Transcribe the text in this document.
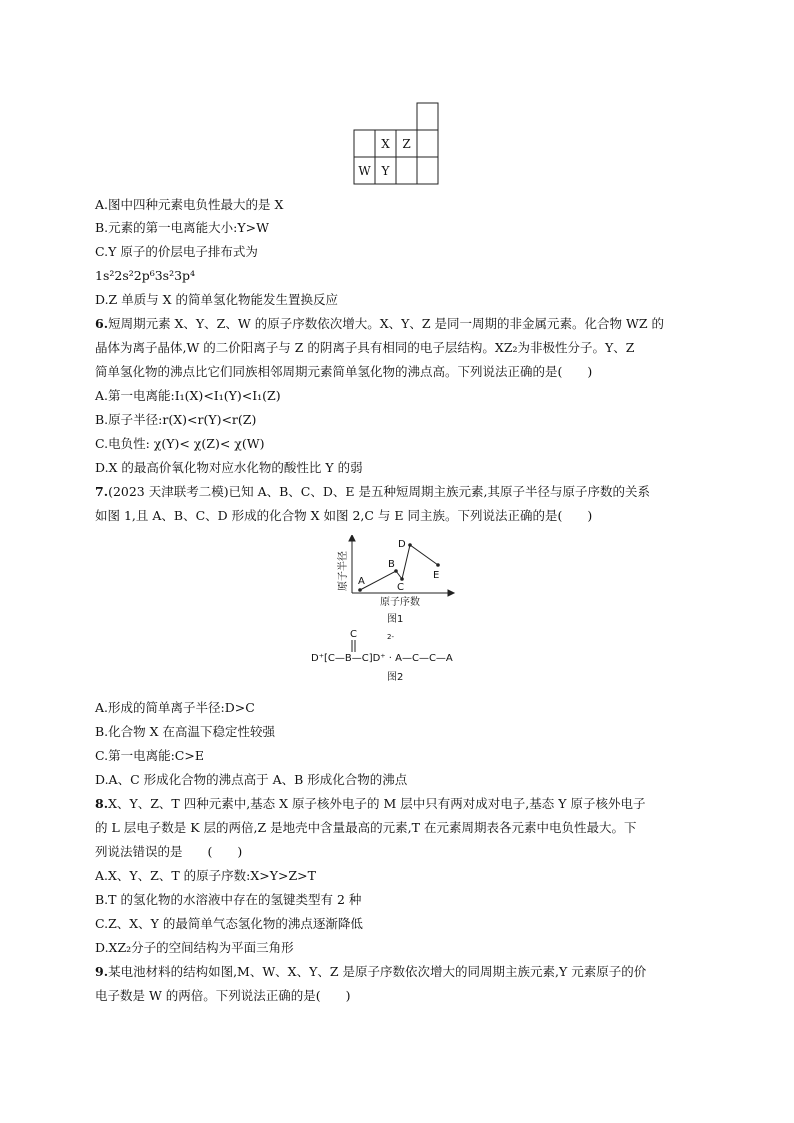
X Z
W Y
A.图中四种元素电负性最大的是 X
B.元素的第一电离能大小:Y>W
C.Y 原子的价层电子排布式为
1s²2s²2p⁶3s²3p⁴
D.Z 单质与 X 的简单氢化物能发生置换反应
6.短周期元素 X、Y、Z、W 的原子序数依次增大。X、Y、Z 是同一周期的非金属元素。化合物 WZ 的
晶体为离子晶体,W 的二价阳离子与 Z 的阴离子具有相同的电子层结构。XZ₂为非极性分子。Y、Z
简单氢化物的沸点比它们同族相邻周期元素简单氢化物的沸点高。下列说法正确的是(　　)
A.第一电离能:I₁(X)<I₁(Y)<I₁(Z)
B.原子半径:r(X)<r(Y)<r(Z)
C.电负性: χ(Y)< χ(Z)< χ(W)
D.X 的最高价氧化物对应水化物的酸性比 Y 的弱
7.(2023 天津联考二模)已知 A、B、C、D、E 是五种短周期主族元素,其原子半径与原子序数的关系
如图 1,且 A、B、C、D 形成的化合物 X 如图 2,C 与 E 同主族。下列说法正确的是(　　)
A
B
C
D
E
原子序数
图1
原子半径
C	2-
D⁺[C—B—C]D⁺ · A—C—C—A
图2
A.形成的简单离子半径:D>C
B.化合物 X 在高温下稳定性较强
C.第一电离能:C>E
D.A、C 形成化合物的沸点高于 A、B 形成化合物的沸点
8.X、Y、Z、T 四种元素中,基态 X 原子核外电子的 M 层中只有两对成对电子,基态 Y 原子核外电子
的 L 层电子数是 K 层的两倍,Z 是地壳中含量最高的元素,T 在元素周期表各元素中电负性最大。下
列说法错误的是　　(　　)
A.X、Y、Z、T 的原子序数:X>Y>Z>T
B.T 的氢化物的水溶液中存在的氢键类型有 2 种
C.Z、X、Y 的最简单气态氢化物的沸点逐渐降低
D.XZ₂分子的空间结构为平面三角形
9.某电池材料的结构如图,M、W、X、Y、Z 是原子序数依次增大的同周期主族元素,Y 元素原子的价
电子数是 W 的两倍。下列说法正确的是(　　)
